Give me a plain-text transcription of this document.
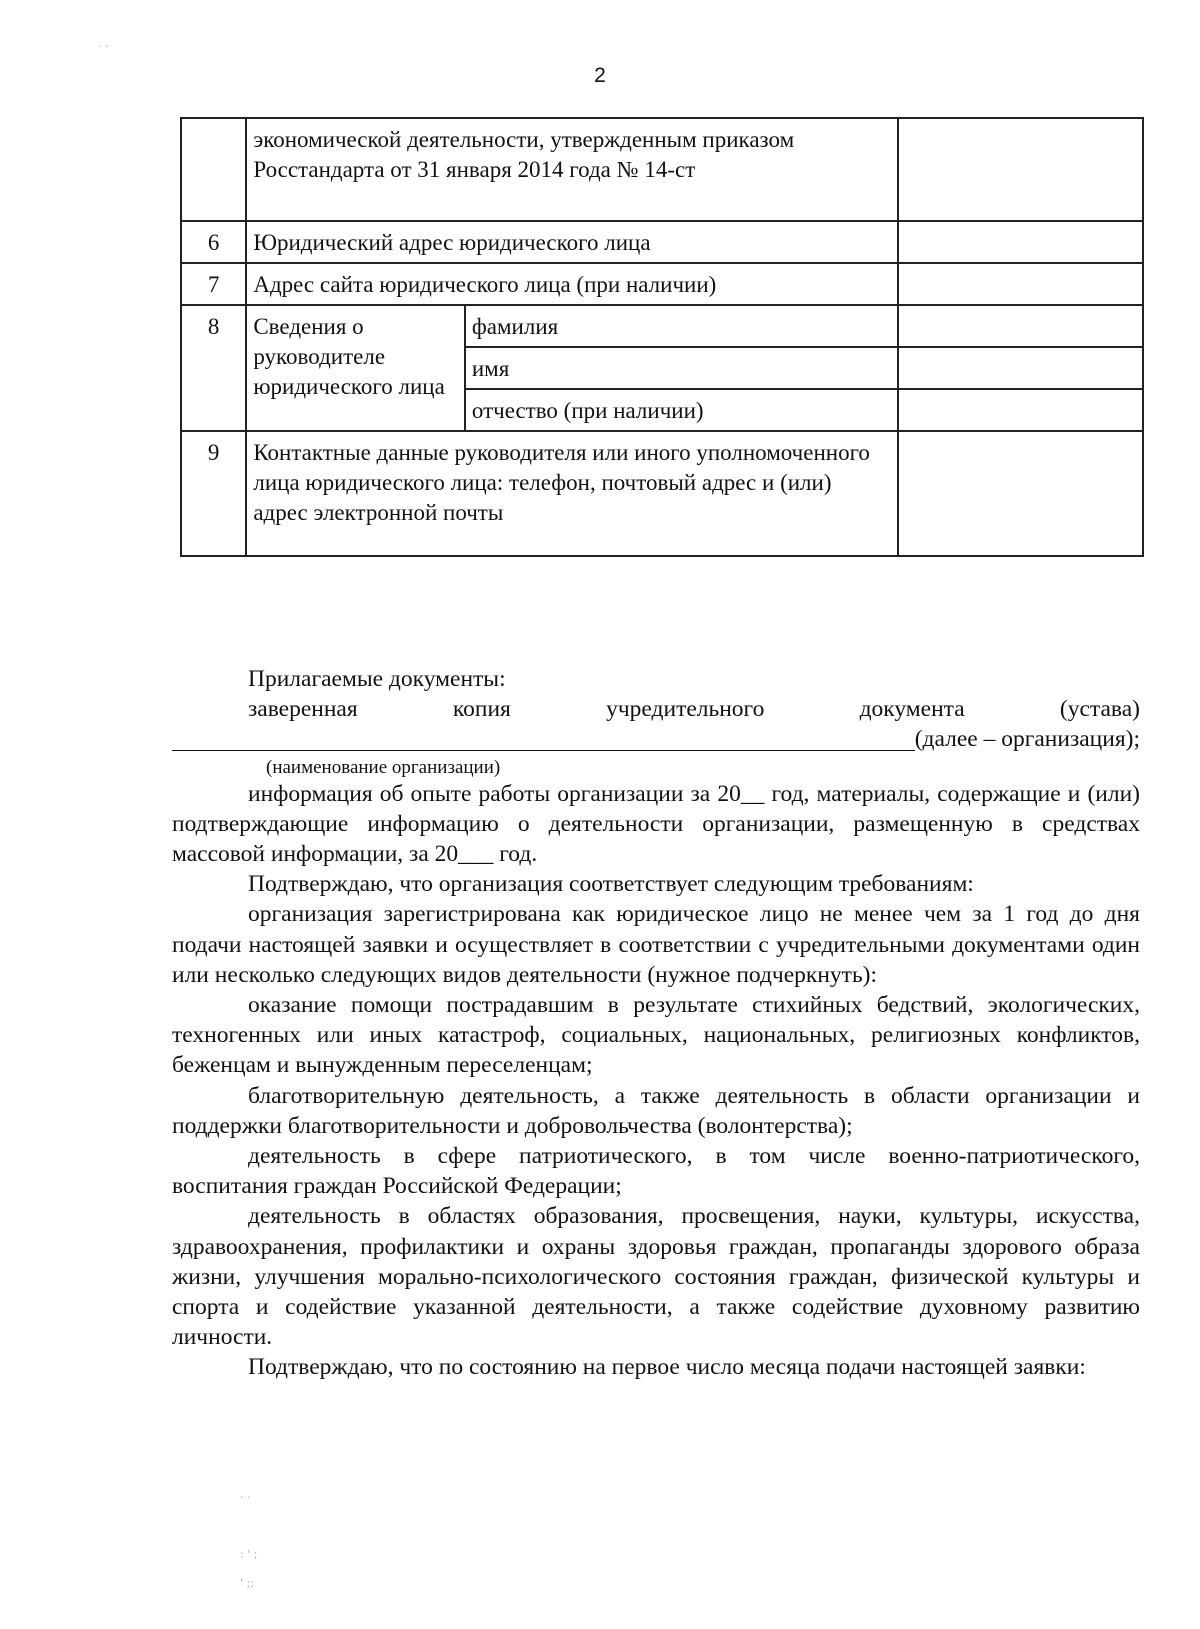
2
	экономической деятельности, утвержденным приказом Росстандарта от 31 января 2014 года № 14-ст		
6	Юридический адрес юридического лица		
7	Адрес сайта юридического лица (при наличии)		
8	Сведения о руководителе юридического лица	фамилия	
		имя	
		отчество (при наличии)	
9	Контактные данные руководителя или иного уполномоченного лица юридического лица: телефон, почтовый адрес и (или) адрес электронной почты		

Прилагаемые документы:

заверенная	копия	учредительного	документа	(устава)
(далее – организация);
(наименование организации)

информация об опыте работы организации за 20__ год, материалы, содержащие и (или) подтверждающие информацию о деятельности организации, размещенную в средствах массовой информации, за 20___ год.

Подтверждаю, что организация соответствует следующим требованиям:

организация зарегистрирована как юридическое лицо не менее чем за 1 год до дня подачи настоящей заявки и осуществляет в соответствии с учредительными документами один или несколько следующих видов деятельности (нужное подчеркнуть):

оказание помощи пострадавшим в результате стихийных бедствий, экологических, техногенных или иных катастроф, социальных, национальных, религиозных конфликтов, беженцам и вынужденным переселенцам;

благотворительную деятельность, а также деятельность в области организации и поддержки благотворительности и добровольчества (волонтерства);

деятельность в сфере патриотического, в том числе военно-патриотического, воспитания граждан Российской Федерации;

деятельность в областях образования, просвещения, науки, культуры, искусства, здравоохранения, профилактики и охраны здоровья граждан, пропаганды здорового образа жизни, улучшения морально-психологического состояния граждан, физической культуры и спорта и содействие указанной деятельности, а также содействие духовному развитию личности.

Подтверждаю, что по состоянию на первое число месяца подачи настоящей заявки:

· ·
. .
: ' ;
' ;;
